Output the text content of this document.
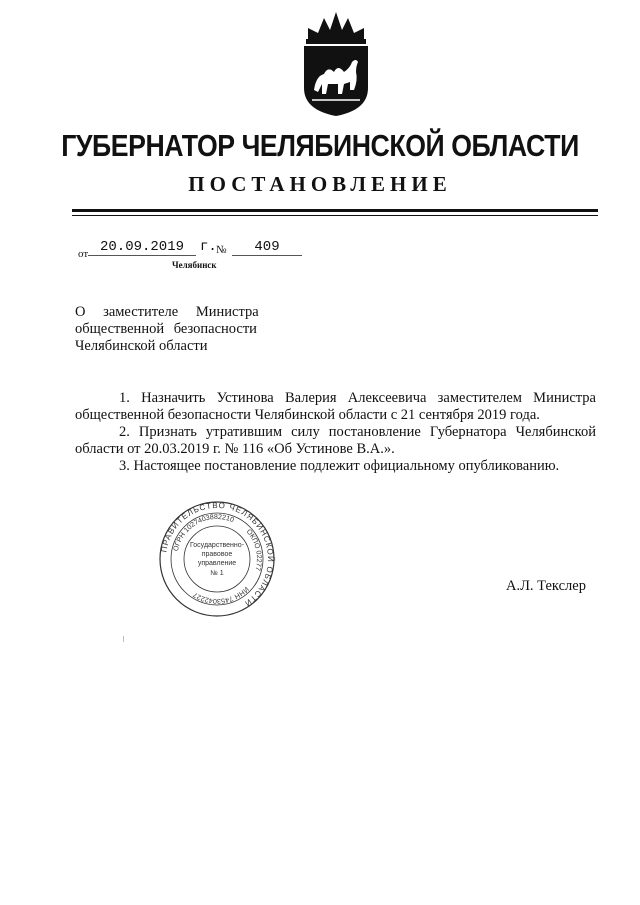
ГУБЕРНАТОР ЧЕЛЯБИНСКОЙ ОБЛАСТИ
ПОСТАНОВЛЕНИЕ
от 20.09.2019	г. №	409
Челябинск
О заместителе Министра
общественной безопасности
Челябинской области

1. Назначить Устинова Валерия Алексеевича заместителем Министра общественной безопасности Челябинской области с 21 сентября 2019 года.

2. Признать утратившим силу постановление Губернатора Челябинской области от 20.03.2019 г. № 116 «Об Устинове В.А.».

3. Настоящее постановление подлежит официальному опубликованию.

ПРАВИТЕЛЬСТВО ЧЕЛЯБИНСКОЙ ОБЛАСТИ
ОГРН 1027403882210
ОКПО 02277
ИНН 7453042227
Государственно-
правовое
управление
№ 1
А.Л. Текслер
